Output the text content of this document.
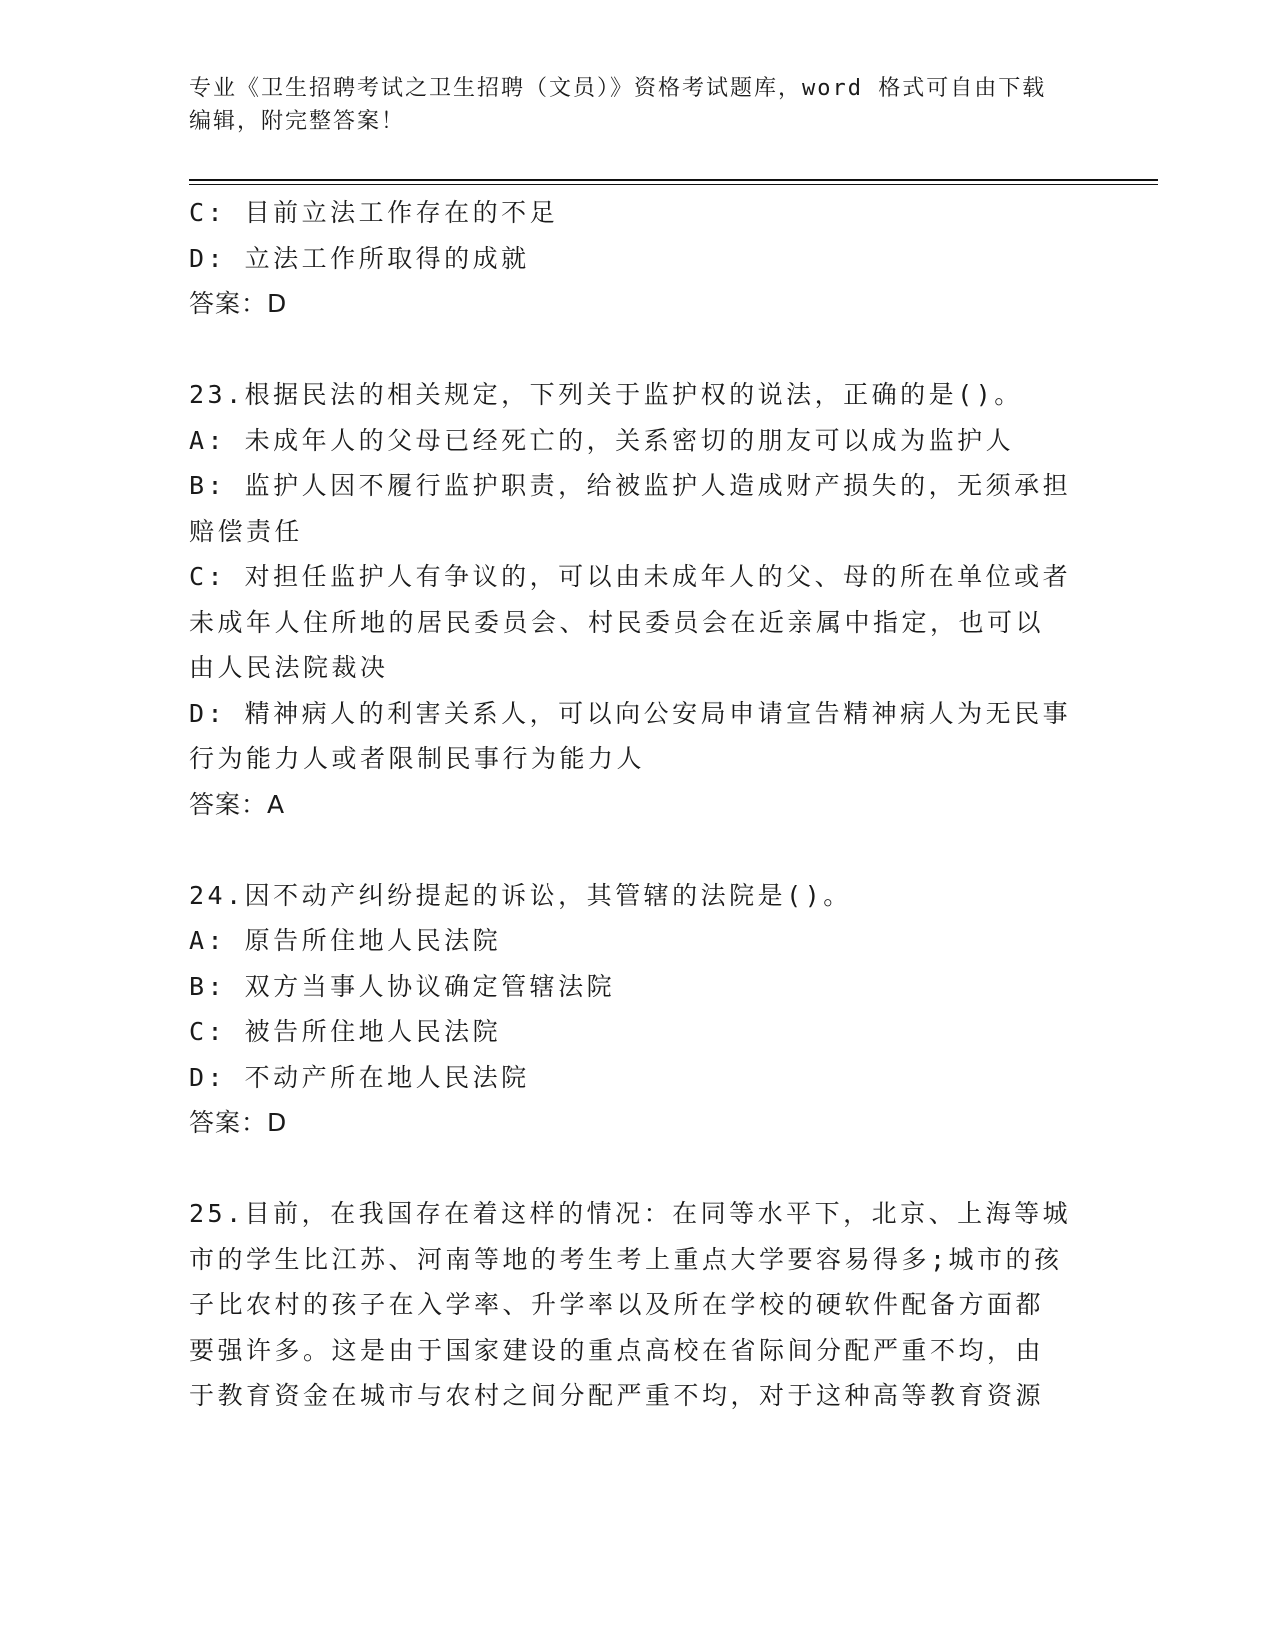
专业《卫生招聘考试之卫生招聘（文员）》资格考试题库，word 格式可自由下载
编辑，附完整答案！
C: 目前立法工作存在的不足
D: 立法工作所取得的成就
答案：D
23.根据民法的相关规定，下列关于监护权的说法，正确的是()。
A: 未成年人的父母已经死亡的，关系密切的朋友可以成为监护人
B: 监护人因不履行监护职责，给被监护人造成财产损失的，无须承担
赔偿责任
C: 对担任监护人有争议的，可以由未成年人的父、母的所在单位或者
未成年人住所地的居民委员会、村民委员会在近亲属中指定，也可以
由人民法院裁决
D: 精神病人的利害关系人，可以向公安局申请宣告精神病人为无民事
行为能力人或者限制民事行为能力人
答案：A
24.因不动产纠纷提起的诉讼，其管辖的法院是()。
A: 原告所住地人民法院
B: 双方当事人协议确定管辖法院
C: 被告所住地人民法院
D: 不动产所在地人民法院
答案：D
25.目前，在我国存在着这样的情况：在同等水平下，北京、上海等城
市的学生比江苏、河南等地的考生考上重点大学要容易得多;城市的孩
子比农村的孩子在入学率、升学率以及所在学校的硬软件配备方面都
要强许多。这是由于国家建设的重点高校在省际间分配严重不均，由
于教育资金在城市与农村之间分配严重不均，对于这种高等教育资源
